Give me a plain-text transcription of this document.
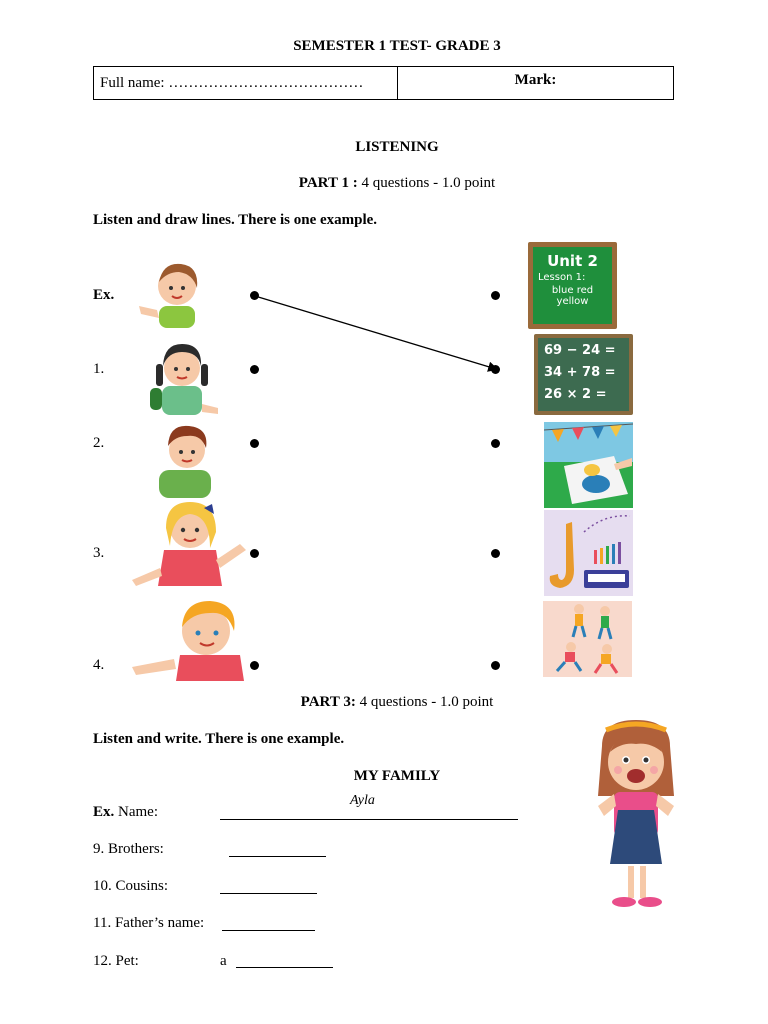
SEMESTER 1 TEST- GRADE 3
Full name: …………………………………	Mark:
LISTENING
PART 1 : 4 questions - 1.0 point
Listen and draw lines. There is one example.
Ex.
1.
2.
3.
4.
Unit 2
Lesson 1:
blue red
yellow
69 − 24 =
34 + 78 =
26 × 2 =
PART 3: 4 questions - 1.0 point
Listen and write. There is one example.
MY FAMILY
Ex. Name:
Ayla
9. Brothers:
10. Cousins:
11. Father’s name:
12. Pet:	a
